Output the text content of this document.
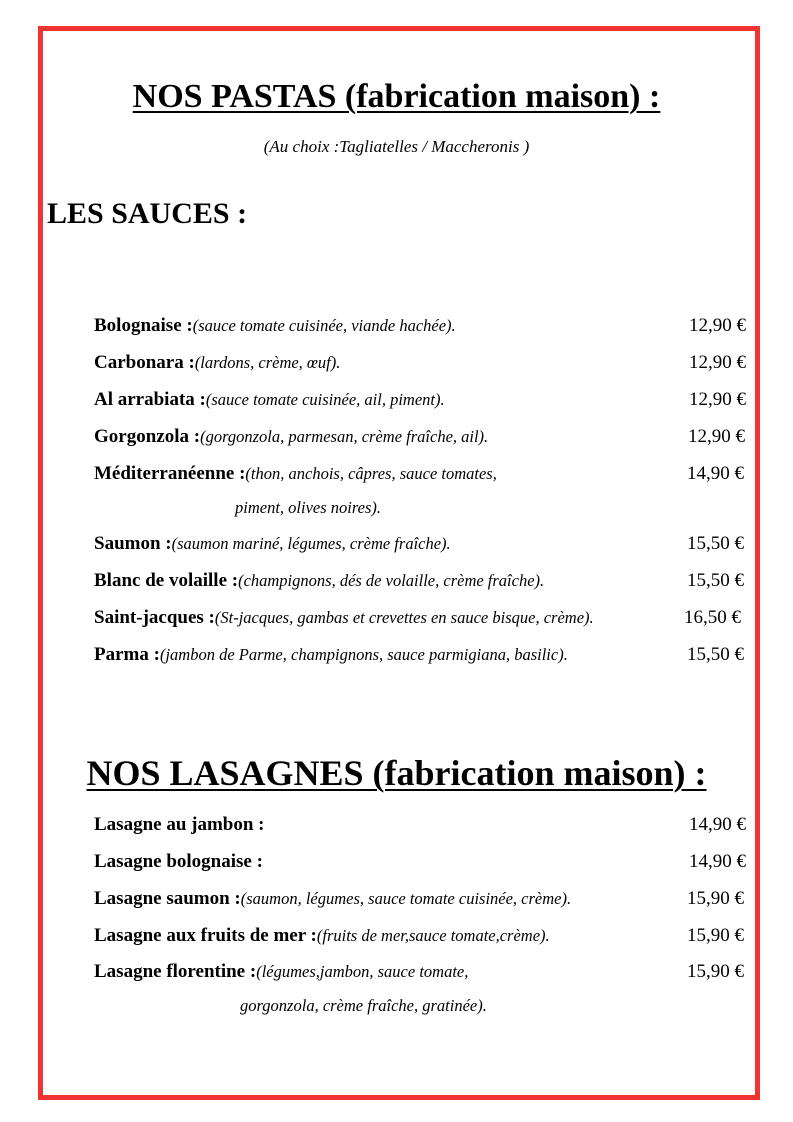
NOS PASTAS (fabrication maison) :
(Au choix :Tagliatelles / Maccheronis )
LES SAUCES :
Bolognaise :(sauce tomate cuisinée, viande hachée).	12,90 €
Carbonara :(lardons, crème, œuf).	12,90 €
Al arrabiata :(sauce tomate cuisinée, ail, piment).	12,90 €
Gorgonzola :(gorgonzola, parmesan, crème fraîche, ail).	12,90 €
Méditerranéenne :(thon, anchois, câpres, sauce tomates,	14,90 €
piment, olives noires).
Saumon :(saumon mariné, légumes, crème fraîche).	15,50 €
Blanc de volaille :(champignons, dés de volaille, crème fraîche).	15,50 €
Saint-jacques :(St-jacques, gambas et crevettes en sauce bisque, crème).	16,50 €
Parma :(jambon de Parme, champignons, sauce parmigiana, basilic).	15,50 €
NOS LASAGNES (fabrication maison) :
Lasagne au jambon :	14,90 €
Lasagne bolognaise :	14,90 €
Lasagne saumon :(saumon, légumes, sauce tomate cuisinée, crème).	15,90 €
Lasagne aux fruits de mer :(fruits de mer,sauce tomate,crème).	15,90 €
Lasagne florentine :(légumes,jambon, sauce tomate,	15,90 €
gorgonzola, crème fraîche, gratinée).
